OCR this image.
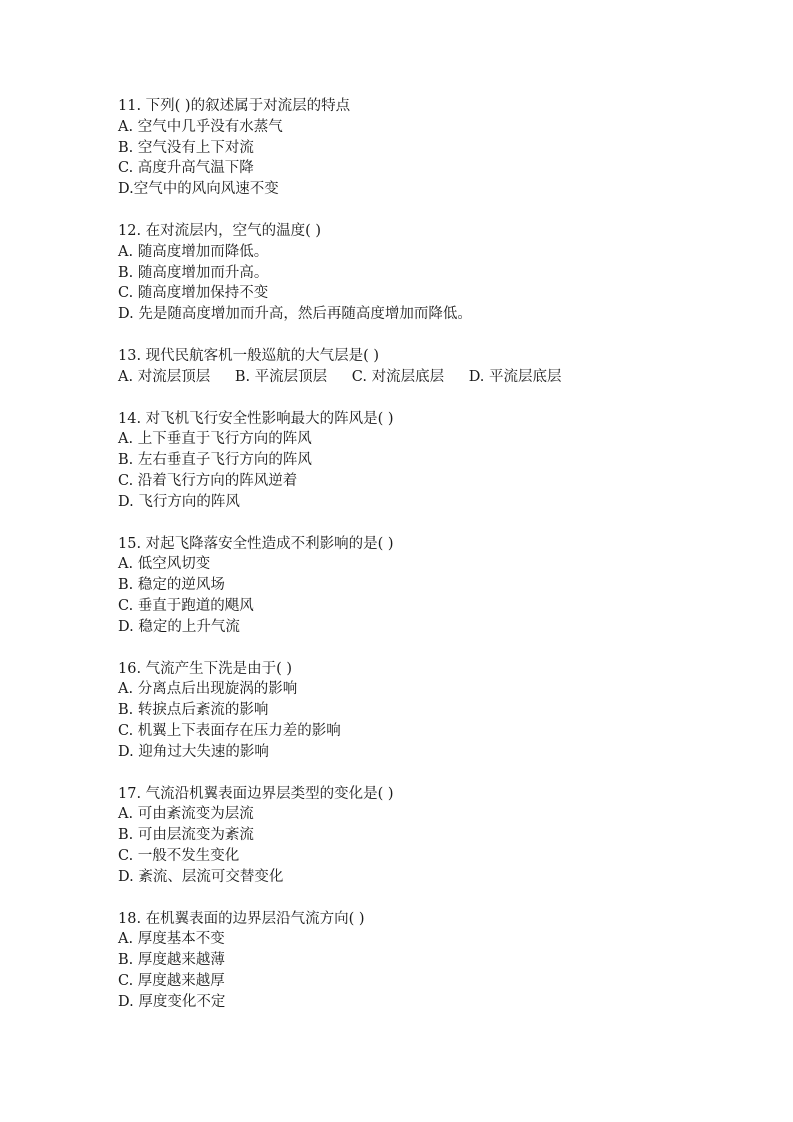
11. 下列( )的叙述属于对流层的特点
A. 空气中几乎没有水蒸气
B. 空气没有上下对流
C. 高度升高气温下降
D.空气中的风向风速不变
12. 在对流层内，空气的温度( )
A. 随高度增加而降低。
B. 随高度增加而升高。
C. 随高度增加保持不变
D. 先是随高度增加而升高，然后再随高度增加而降低。
13. 现代民航客机一般巡航的大气层是( )
A. 对流层顶层 B. 平流层顶层 C. 对流层底层 D. 平流层底层
14. 对飞机飞行安全性影响最大的阵风是( )
A. 上下垂直于飞行方向的阵风
B. 左右垂直子飞行方向的阵风
C. 沿着飞行方向的阵风逆着
D. 飞行方向的阵风
15. 对起飞降落安全性造成不利影响的是( )
A. 低空风切变
B. 稳定的逆风场
C. 垂直于跑道的飓风
D. 稳定的上升气流
16. 气流产生下洗是由于( )
A. 分离点后出现旋涡的影响
B. 转捩点后紊流的影响
C. 机翼上下表面存在压力差的影响
D. 迎角过大失速的影响
17. 气流沿机翼表面边界层类型的变化是( )
A. 可由紊流变为层流
B. 可由层流变为紊流
C. 一般不发生变化
D. 紊流、层流可交替变化
18. 在机翼表面的边界层沿气流方向( )
A. 厚度基本不变
B. 厚度越来越薄
C. 厚度越来越厚
D. 厚度变化不定
